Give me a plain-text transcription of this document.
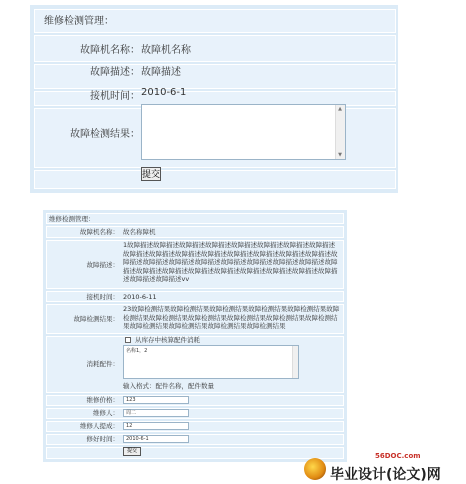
维修检测管理：
故障机名称： 故障机名称
故障描述： 故障描述
接机时间： 2010-6-1
故障检测结果：
▲
▼
提交
维修检测管理：
故障机名称： 故名称障机
故障描述：
1故障描述故障描述故障描述故障描述故障描述故障描述故障描述故障描述故障描述故障描述故障描述故障描述故障描述故障描述故障描述故障描述故障描述故障描述故障描述故障描述故障描述故障描述故障描述故障描述故障描述故障描述故障描述故障描述故障描述故障描述故障描述故障描述故障描述故障描述故障描述vv
接机时间： 2010-6-11
故障检测结果：
23故障检测结果故障检测结果故障检测结果故障检测结果故障检测结果故障检测结果故障检测结果故障检测结果故障检测结果故障检测结果故障检测结果故障检测结果故障检测结果故障检测结果故障检测结果
从库存中核算配件消耗
消耗配件：
名称1，2
输入格式：配件名称，配件数量
维修价格：	123
维修人：	周二
维修人提成：	12
修好时间：	2010-6-1
提交
56DOC.com
毕业设计(论文)网
